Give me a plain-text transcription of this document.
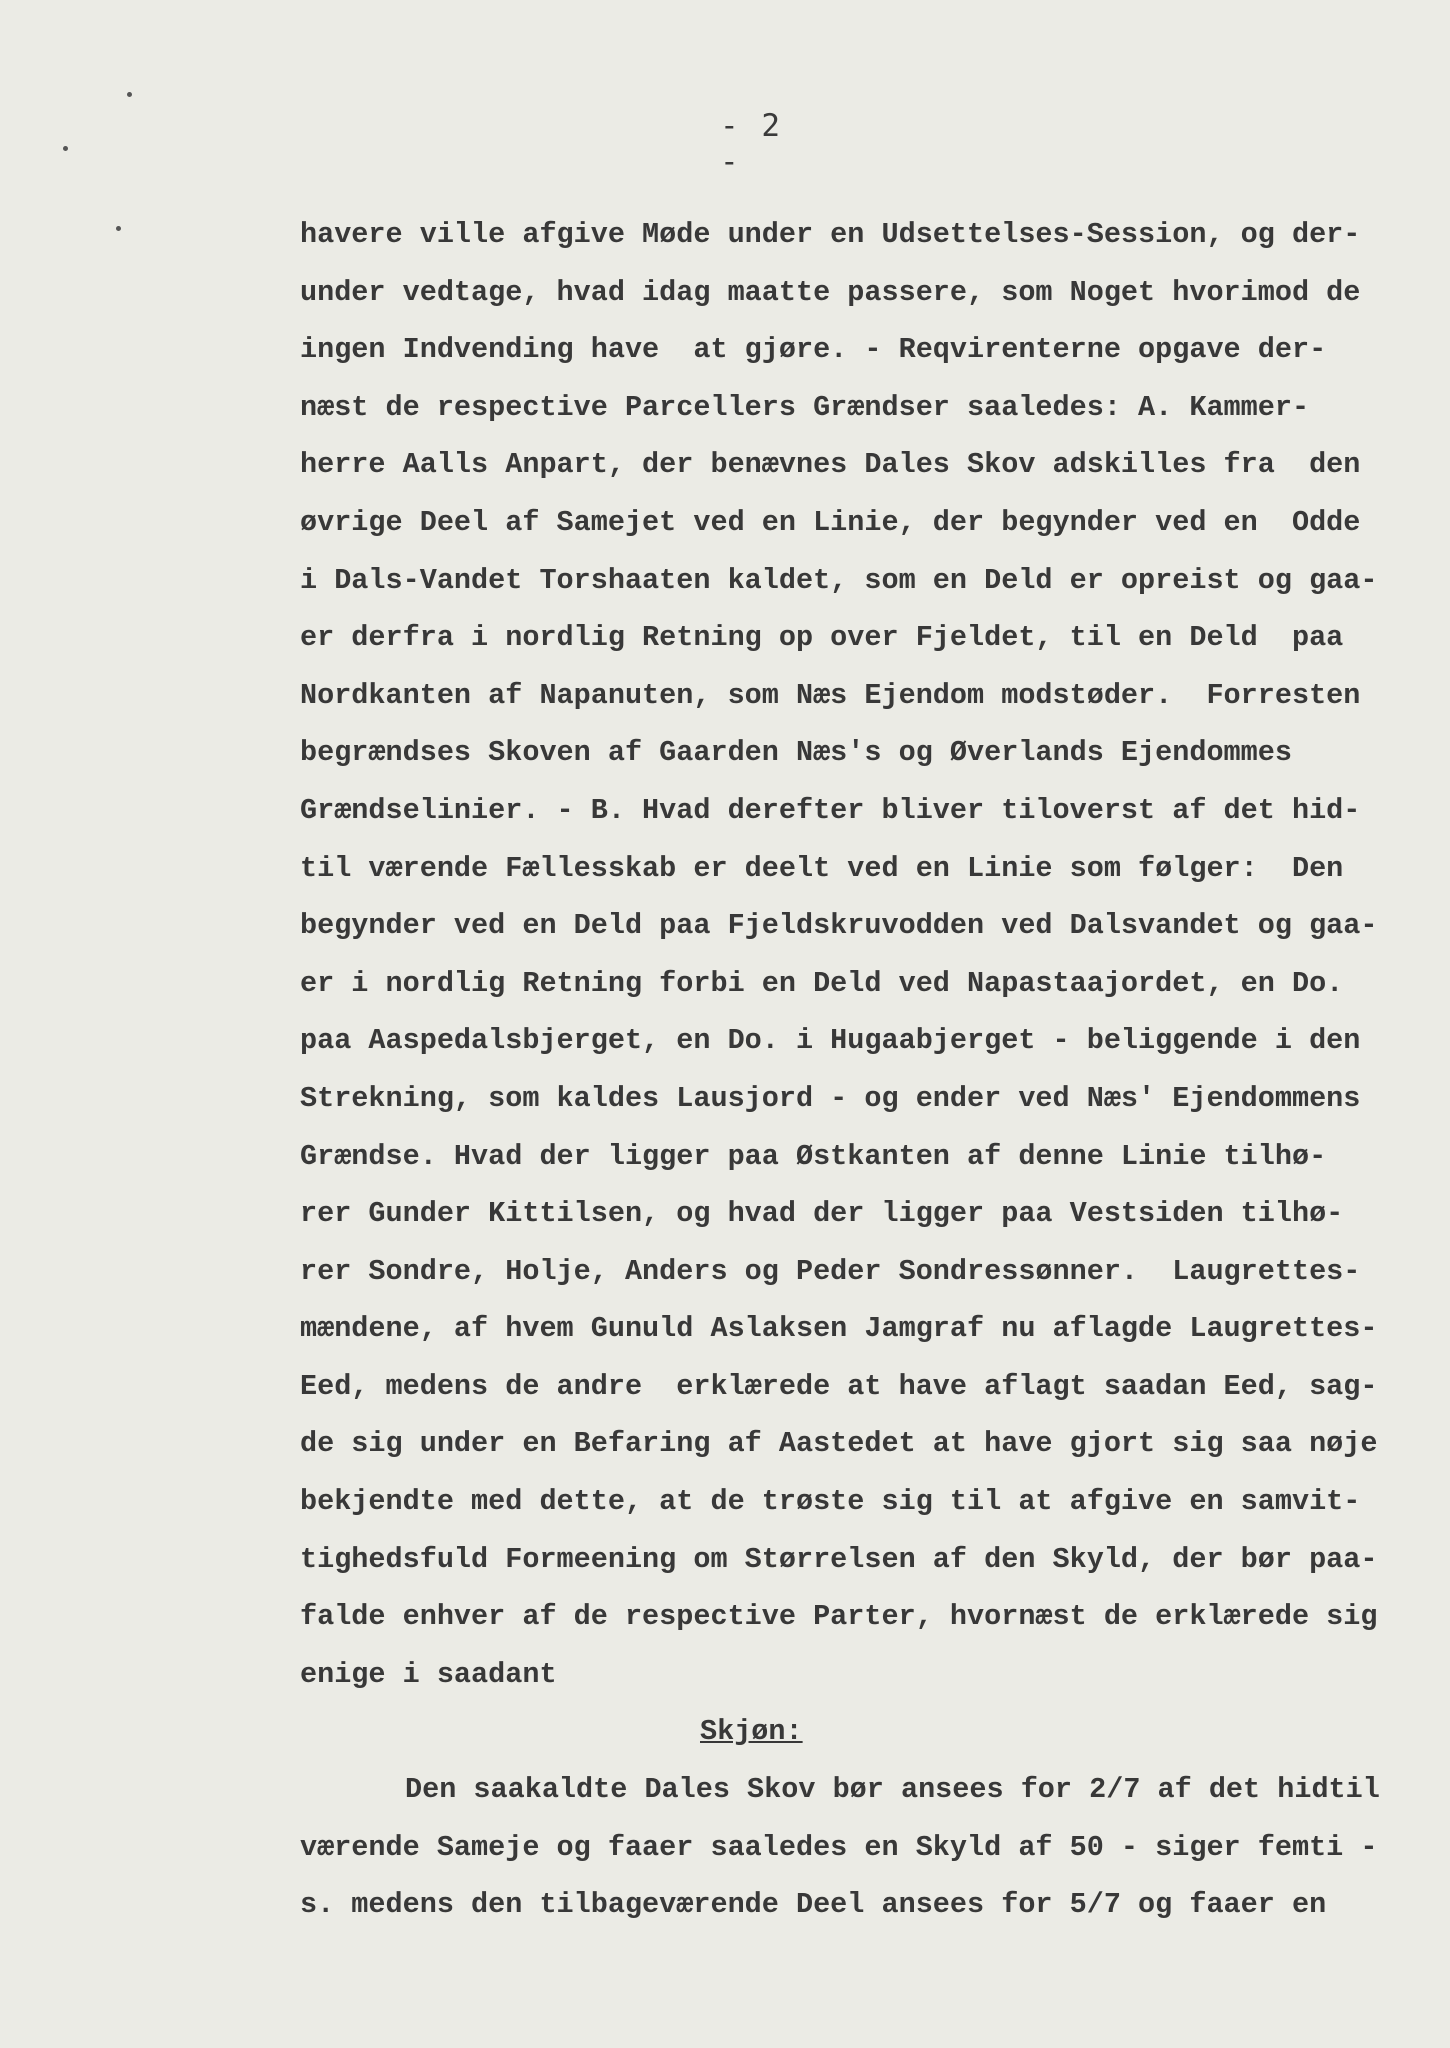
- 2 -
havere ville afgive Møde under en Udsettelses-Session, og der-
under vedtage, hvad idag maatte passere, som Noget hvorimod de
ingen Indvending have  at gjøre. - Reqvirenterne opgave der-
næst de respective Parcellers Grændser saaledes: A. Kammer-
herre Aalls Anpart, der benævnes Dales Skov adskilles fra  den
øvrige Deel af Samejet ved en Linie, der begynder ved en  Odde
i Dals-Vandet Torshaaten kaldet, som en Deld er opreist og gaa-
er derfra i nordlig Retning op over Fjeldet, til en Deld  paa
Nordkanten af Napanuten, som Næs Ejendom modstøder.  Forresten
begrændses Skoven af Gaarden Næs's og Øverlands Ejendommes
Grændselinier. - B. Hvad derefter bliver tiloverst af det hid-
til værende Fællesskab er deelt ved en Linie som følger:  Den
begynder ved en Deld paa Fjeldskruvodden ved Dalsvandet og gaa-
er i nordlig Retning forbi en Deld ved Napastaajordet, en Do.
paa Aaspedalsbjerget, en Do. i Hugaabjerget - beliggende i den
Strekning, som kaldes Lausjord - og ender ved Næs' Ejendommens
Grændse. Hvad der ligger paa Østkanten af denne Linie tilhø-
rer Gunder Kittilsen, og hvad der ligger paa Vestsiden tilhø-
rer Sondre, Holje, Anders og Peder Sondressønner.  Laugrettes-
mændene, af hvem Gunuld Aslaksen Jamgraf nu aflagde Laugrettes-
Eed, medens de andre  erklærede at have aflagt saadan Eed, sag-
de sig under en Befaring af Aastedet at have gjort sig saa nøje
bekjendte med dette, at de trøste sig til at afgive en samvit-
tighedsfuld Formeening om Størrelsen af den Skyld, der bør paa-
falde enhver af de respective Parter, hvornæst de erklærede sig
enige i saadant
Skjøn:
Den saakaldte Dales Skov bør ansees for 2/7 af det hidtil
værende Sameje og faaer saaledes en Skyld af 50 - siger femti -
s. medens den tilbageværende Deel ansees for 5/7 og faaer en
